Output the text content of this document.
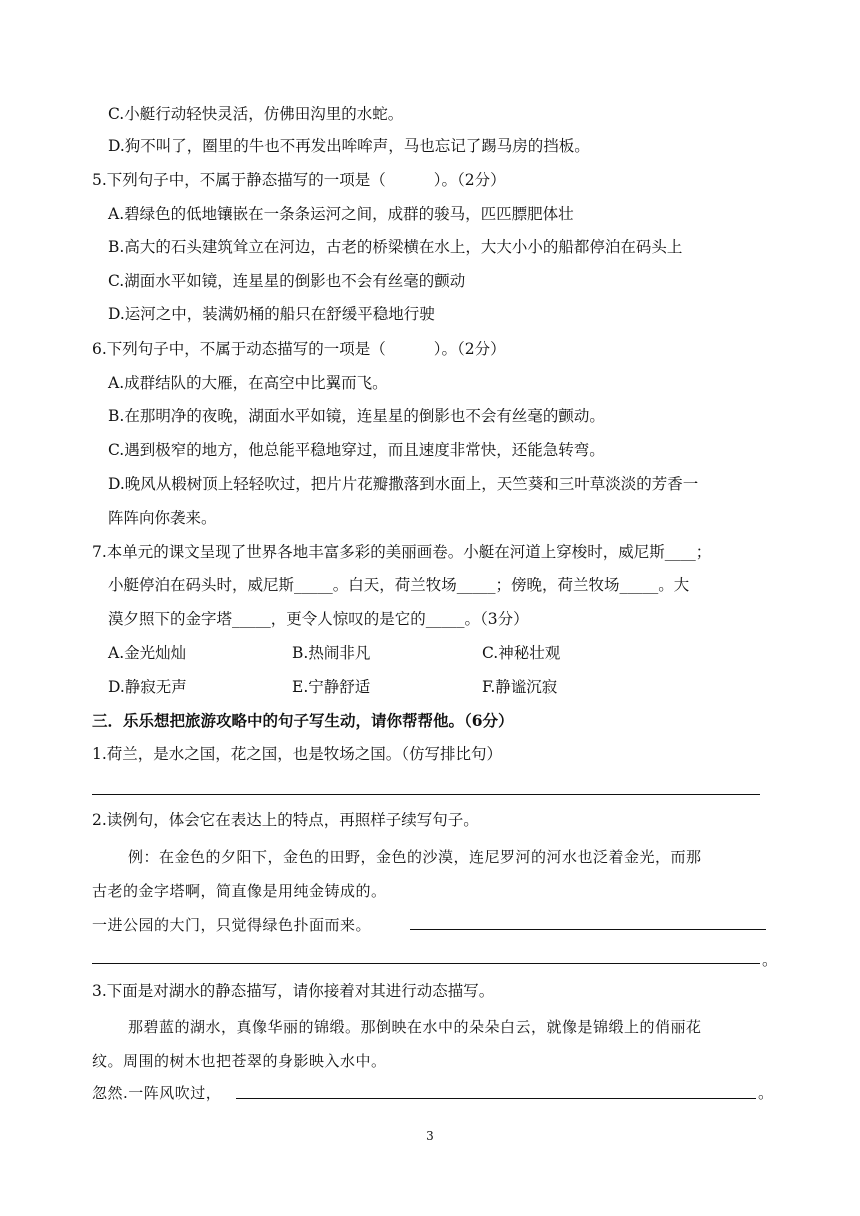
C.小艇行动轻快灵活，仿佛田沟里的水蛇。
D.狗不叫了，圈里的牛也不再发出哞哞声，马也忘记了踢马房的挡板。
5.下列句子中，不属于静态描写的一项是（	）。（2分）
A.碧绿色的低地镶嵌在一条条运河之间，成群的骏马，匹匹膘肥体壮
B.高大的石头建筑耸立在河边，古老的桥梁横在水上，大大小小的船都停泊在码头上
C.湖面水平如镜，连星星的倒影也不会有丝毫的颤动
D.运河之中，装满奶桶的船只在舒缓平稳地行驶
6.下列句子中，不属于动态描写的一项是（	）。（2分）
A.成群结队的大雁，在高空中比翼而飞。
B.在那明净的夜晚，湖面水平如镜，连星星的倒影也不会有丝毫的颤动。
C.遇到极窄的地方，他总能平稳地穿过，而且速度非常快，还能急转弯。
D.晚风从椴树顶上轻轻吹过，把片片花瓣撒落到水面上，天竺葵和三叶草淡淡的芳香一
阵阵向你袭来。
7.本单元的课文呈现了世界各地丰富多彩的美丽画卷。小艇在河道上穿梭时，威尼斯____；
小艇停泊在码头时，威尼斯_____。白天，荷兰牧场_____；傍晚，荷兰牧场_____。大
漠夕照下的金字塔_____，更令人惊叹的是它的_____。（3分）
A.金光灿灿	B.热闹非凡	C.神秘壮观
D.静寂无声	E.宁静舒适	F.静谧沉寂
三．乐乐想把旅游攻略中的句子写生动，请你帮帮他。（6分）
1.荷兰，是水之国，花之国，也是牧场之国。（仿写排比句）
2.读例句，体会它在表达上的特点，再照样子续写句子。
例：在金色的夕阳下，金色的田野，金色的沙漠，连尼罗河的河水也泛着金光，而那
古老的金字塔啊，简直像是用纯金铸成的。
一进公园的大门，只觉得绿色扑面而来。
。
3.下面是对湖水的静态描写，请你接着对其进行动态描写。
那碧蓝的湖水，真像华丽的锦缎。那倒映在水中的朵朵白云，就像是锦缎上的俏丽花
纹。周围的树木也把苍翠的身影映入水中。
忽然.一阵风吹过，	。
3
